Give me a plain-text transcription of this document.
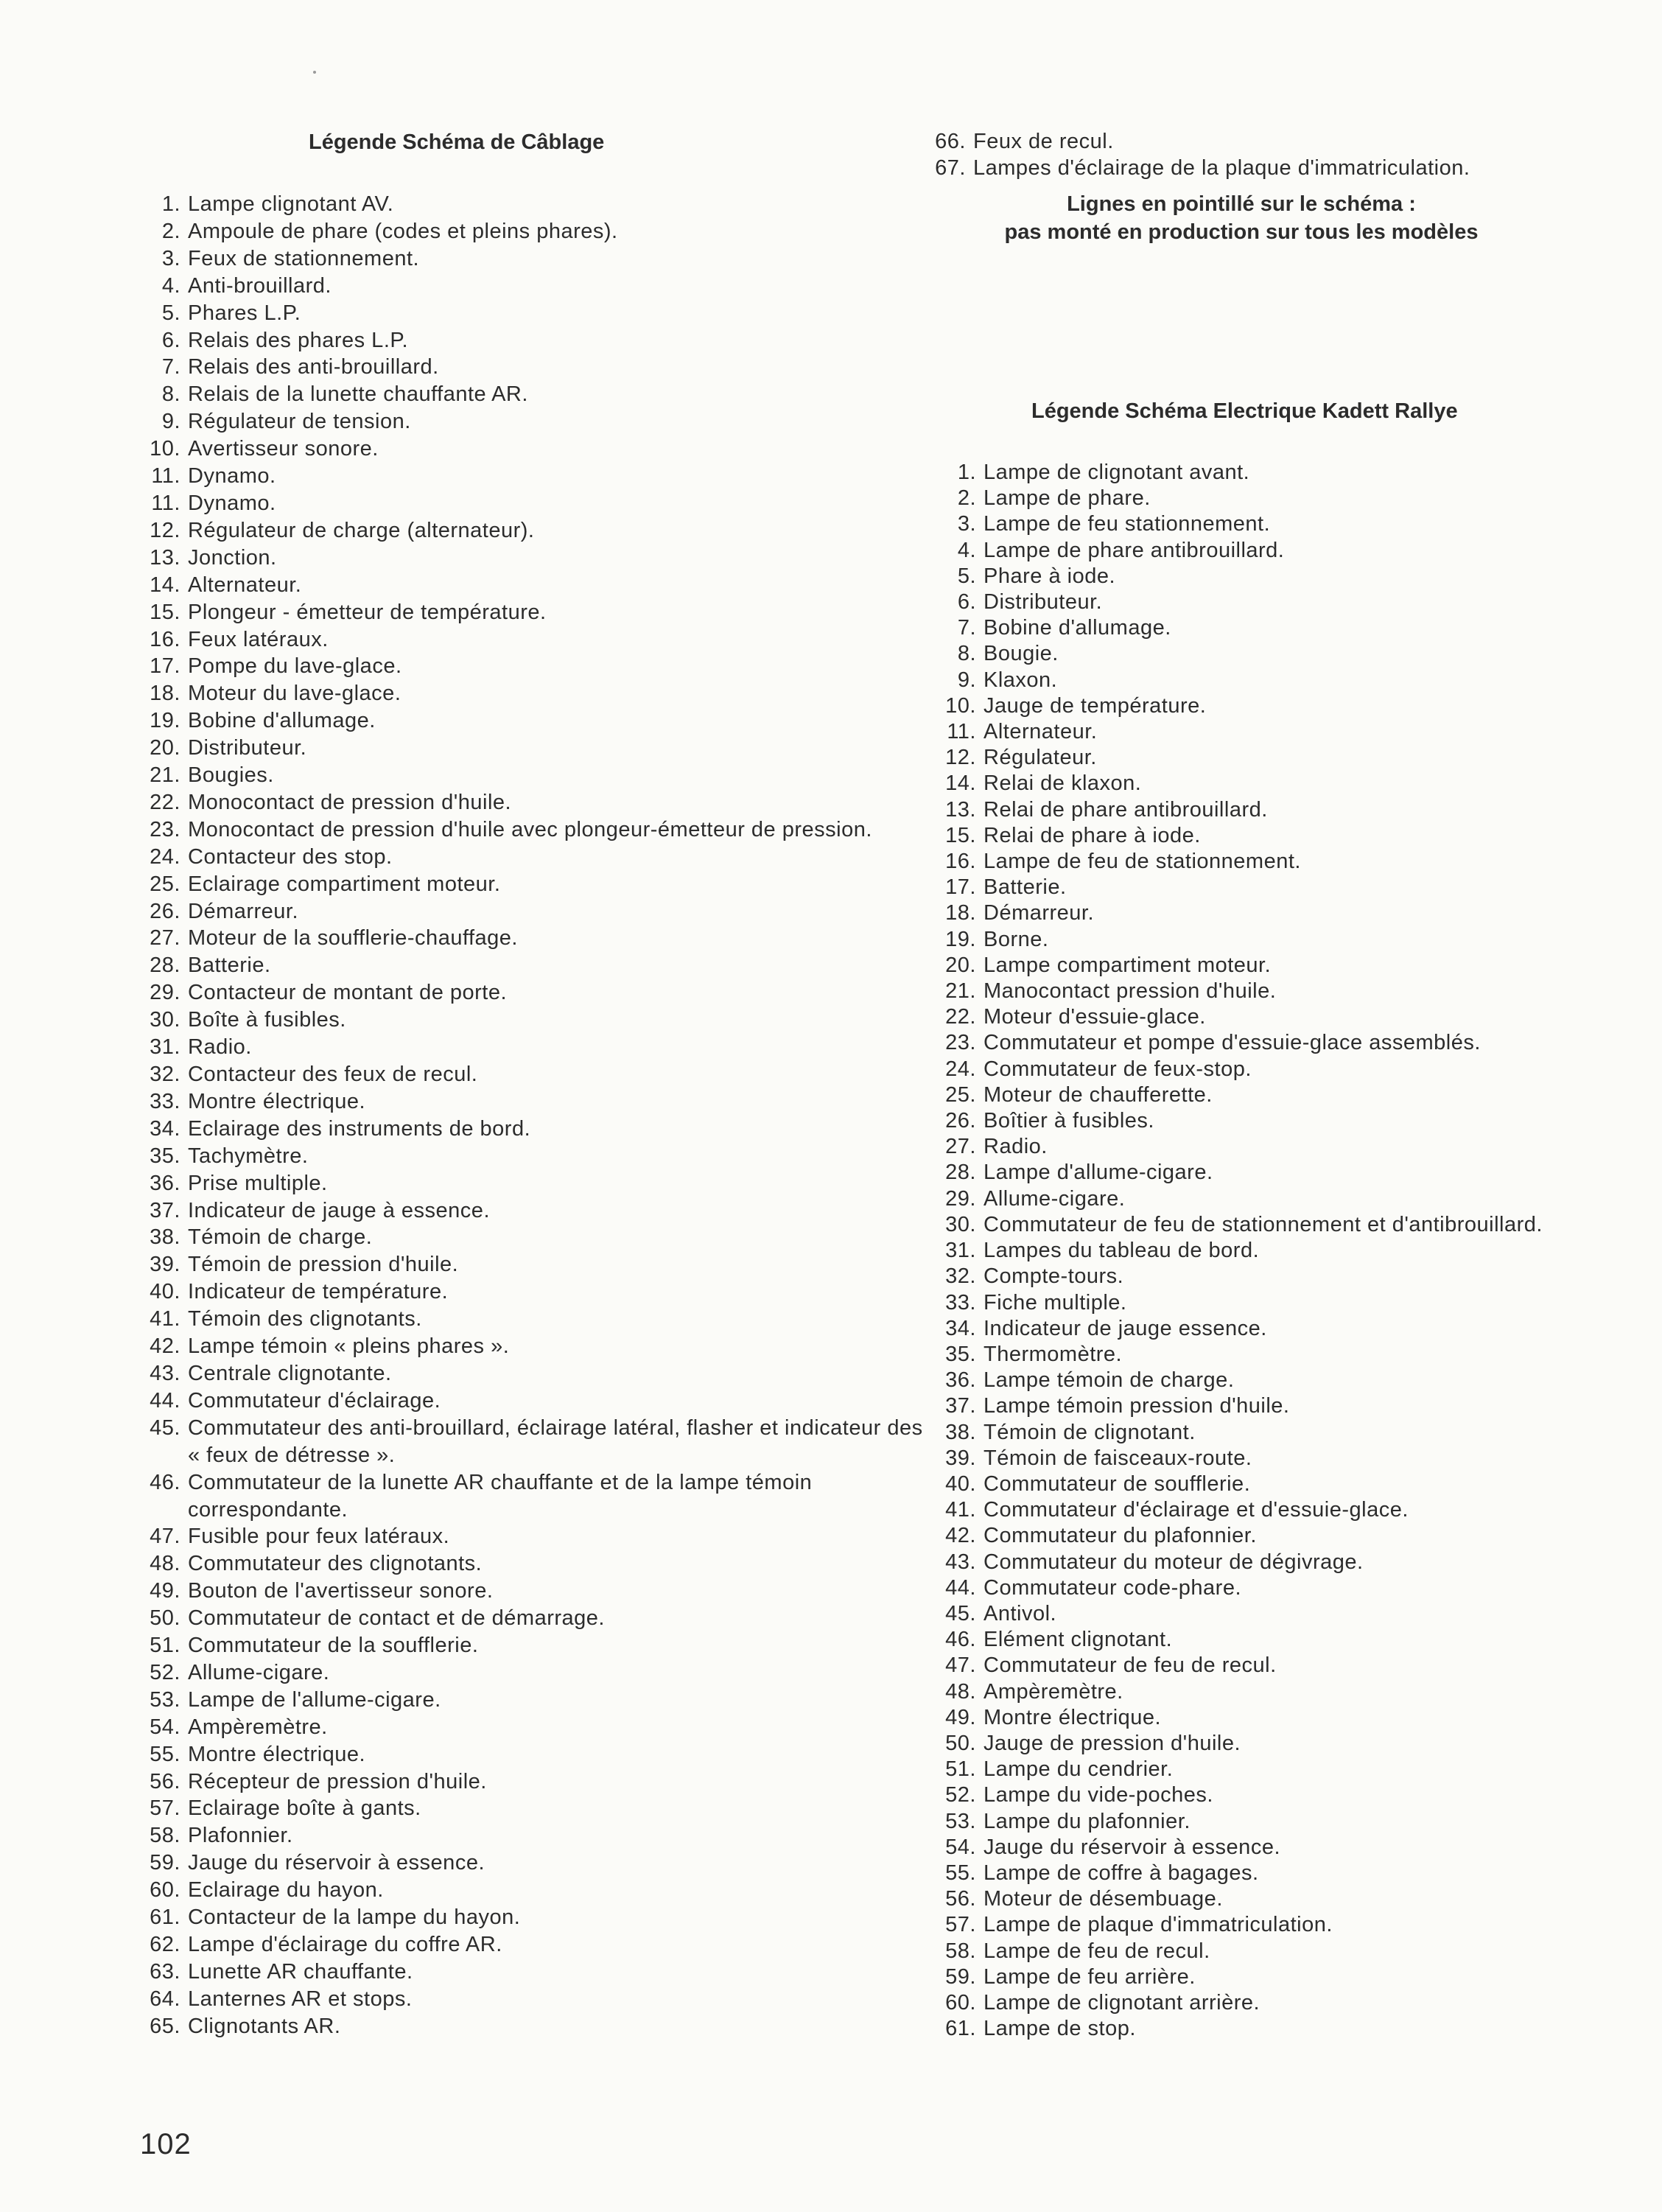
Légende Schéma de Câblage
1. Lampe clignotant AV.
2. Ampoule de phare (codes et pleins phares).
3. Feux de stationnement.
4. Anti-brouillard.
5. Phares L.P.
6. Relais des phares L.P.
7. Relais des anti-brouillard.
8. Relais de la lunette chauffante AR.
9. Régulateur de tension.
10. Avertisseur sonore.
11. Dynamo.
11. Dynamo.
12. Régulateur de charge (alternateur).
13. Jonction.
14. Alternateur.
15. Plongeur - émetteur de température.
16. Feux latéraux.
17. Pompe du lave-glace.
18. Moteur du lave-glace.
19. Bobine d'allumage.
20. Distributeur.
21. Bougies.
22. Monocontact de pression d'huile.
23. Monocontact de pression d'huile avec plongeur-émetteur de pression.
24. Contacteur des stop.
25. Eclairage compartiment moteur.
26. Démarreur.
27. Moteur de la soufflerie-chauffage.
28. Batterie.
29. Contacteur de montant de porte.
30. Boîte à fusibles.
31. Radio.
32. Contacteur des feux de recul.
33. Montre électrique.
34. Eclairage des instruments de bord.
35. Tachymètre.
36. Prise multiple.
37. Indicateur de jauge à essence.
38. Témoin de charge.
39. Témoin de pression d'huile.
40. Indicateur de température.
41. Témoin des clignotants.
42. Lampe témoin « pleins phares ».
43. Centrale clignotante.
44. Commutateur d'éclairage.
45. Commutateur des anti-brouillard, éclairage latéral, flasher et indicateur des « feux de détresse ».
46. Commutateur de la lunette AR chauffante et de la lampe témoin correspondante.
47. Fusible pour feux latéraux.
48. Commutateur des clignotants.
49. Bouton de l'avertisseur sonore.
50. Commutateur de contact et de démarrage.
51. Commutateur de la soufflerie.
52. Allume-cigare.
53. Lampe de l'allume-cigare.
54. Ampèremètre.
55. Montre électrique.
56. Récepteur de pression d'huile.
57. Eclairage boîte à gants.
58. Plafonnier.
59. Jauge du réservoir à essence.
60. Eclairage du hayon.
61. Contacteur de la lampe du hayon.
62. Lampe d'éclairage du coffre AR.
63. Lunette AR chauffante.
64. Lanternes AR et stops.
65. Clignotants AR.
66. Feux de recul.
67. Lampes d'éclairage de la plaque d'immatriculation.
Lignes en pointillé sur le schéma :
pas monté en production sur tous les modèles
Légende Schéma Electrique Kadett Rallye
1. Lampe de clignotant avant.
2. Lampe de phare.
3. Lampe de feu stationnement.
4. Lampe de phare antibrouillard.
5. Phare à iode.
6. Distributeur.
7. Bobine d'allumage.
8. Bougie.
9. Klaxon.
10. Jauge de température.
11. Alternateur.
12. Régulateur.
14. Relai de klaxon.
13. Relai de phare antibrouillard.
15. Relai de phare à iode.
16. Lampe de feu de stationnement.
17. Batterie.
18. Démarreur.
19. Borne.
20. Lampe compartiment moteur.
21. Manocontact pression d'huile.
22. Moteur d'essuie-glace.
23. Commutateur et pompe d'essuie-glace assemblés.
24. Commutateur de feux-stop.
25. Moteur de chaufferette.
26. Boîtier à fusibles.
27. Radio.
28. Lampe d'allume-cigare.
29. Allume-cigare.
30. Commutateur de feu de stationnement et d'antibrouillard.
31. Lampes du tableau de bord.
32. Compte-tours.
33. Fiche multiple.
34. Indicateur de jauge essence.
35. Thermomètre.
36. Lampe témoin de charge.
37. Lampe témoin pression d'huile.
38. Témoin de clignotant.
39. Témoin de faisceaux-route.
40. Commutateur de soufflerie.
41. Commutateur d'éclairage et d'essuie-glace.
42. Commutateur du plafonnier.
43. Commutateur du moteur de dégivrage.
44. Commutateur code-phare.
45. Antivol.
46. Elément clignotant.
47. Commutateur de feu de recul.
48. Ampèremètre.
49. Montre électrique.
50. Jauge de pression d'huile.
51. Lampe du cendrier.
52. Lampe du vide-poches.
53. Lampe du plafonnier.
54. Jauge du réservoir à essence.
55. Lampe de coffre à bagages.
56. Moteur de désembuage.
57. Lampe de plaque d'immatriculation.
58. Lampe de feu de recul.
59. Lampe de feu arrière.
60. Lampe de clignotant arrière.
61. Lampe de stop.
102
